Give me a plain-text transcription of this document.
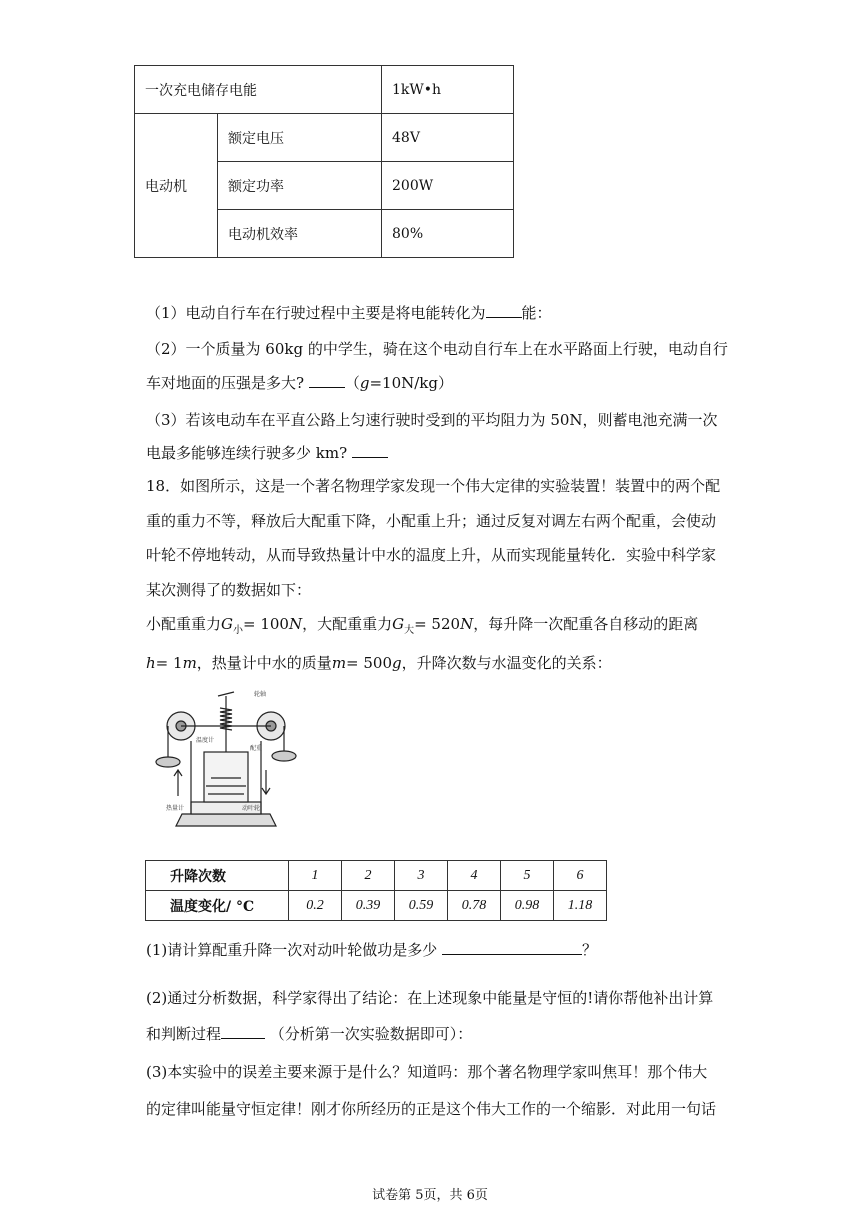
一次充电储存电能		1kW•h
电动机	额定电压	48V
	额定功率	200W
	电动机效率	80%
（1）电动自行车在行驶过程中主要是将电能转化为 能：
（2）一个质量为 60kg 的中学生，骑在这个电动自行车上在水平路面上行驶，电动自行
车对地面的压强是多大?	（g=10N/kg）
（3）若该电动车在平直公路上匀速行驶时受到的平均阻力为 50N，则蓄电池充满一次
电最多能够连续行驶多少 km?
18．如图所示，这是一个著名物理学家发现一个伟大定律的实验装置！装置中的两个配
重的重力不等，释放后大配重下降，小配重上升；通过反复对调左右两个配重，会使动
叶轮不停地转动，从而导致热量计中水的温度上升，从而实现能量转化．实验中科学家
某次测得了的数据如下：
小配重重力$G_小= 100N$，大配重重力$G_大= 520N$，每升降一次配重各自移动的距离
h= 1m，热量计中水的质量m= 500g，升降次数与水温变化的关系：
轮轴
温度计
配重
热量计	动叶轮
升降次数	1	2	3	4	5	6
温度变化/ °C	0.2	0.39	0.59	0.78	0.98	1.18
(1)请计算配重升降一次对动叶轮做功是多少	？
(2)通过分析数据，科学家得出了结论：在上述现象中能量是守恒的!请你帮他补出计算
和判断过程	（分析第一次实验数据即可）：
(3)本实验中的误差主要来源于是什么？知道吗：那个著名物理学家叫焦耳！那个伟大
的定律叫能量守恒定律！刚才你所经历的正是这个伟大工作的一个缩影．对此用一句话
试卷第 5页，共 6页
